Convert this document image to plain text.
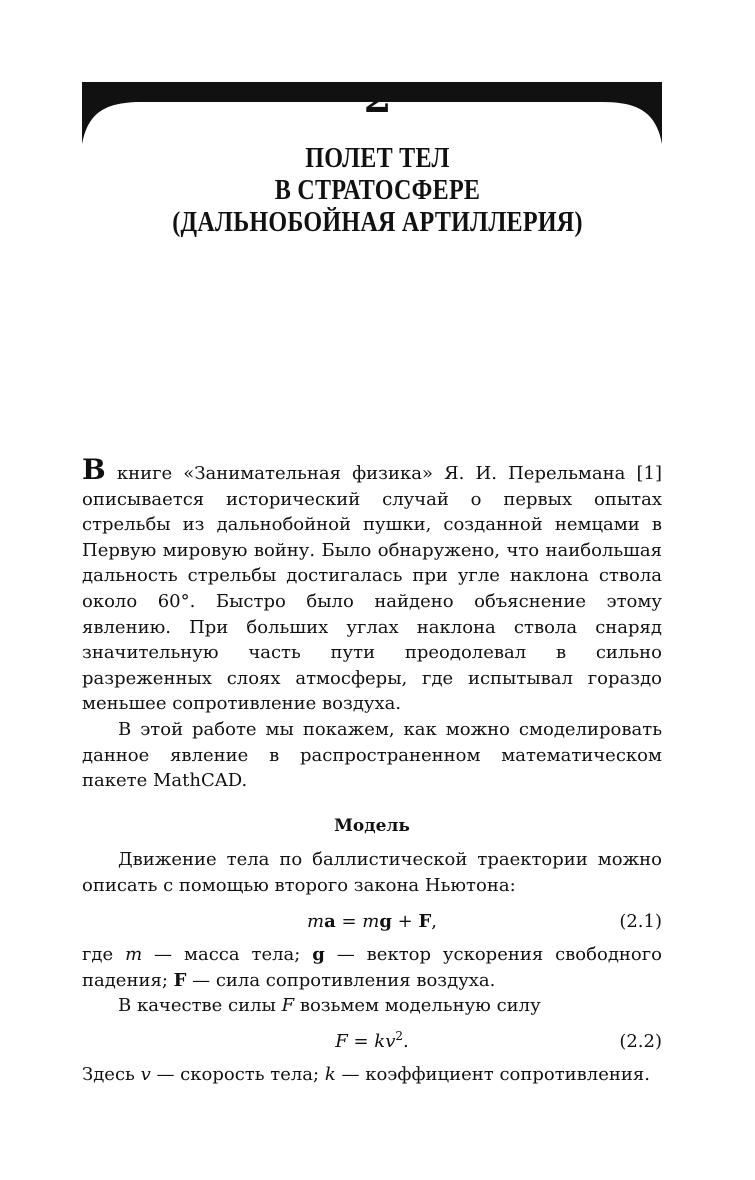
2
ПОЛЕТ ТЕЛ
В СТРАТОСФЕРЕ
(ДАЛЬНОБОЙНАЯ АРТИЛЛЕРИЯ)

В книге «Занимательная физика» Я. И. Перельмана [1] описывается исторический случай о первых опытах стрельбы из дальнобойной пушки, созданной немцами в Первую мировую войну. Было обнаружено, что наибольшая дальность стрельбы достигалась при угле наклона ствола около 60°. Быстро было найдено объяснение этому явлению. При больших углах наклона ствола снаряд значительную часть пути преодолевал в сильно разреженных слоях атмосферы, где испытывал гораздо меньшее сопротивление воздуха.

В этой работе мы покажем, как можно смоделировать данное явление в распространенном математическом пакете MathCAD.

Модель

Движение тела по баллистической траектории можно описать с помощью второго закона Ньютона:

ma = mg + F,	(2.1)

где m — масса тела; g — вектор ускорения свободного падения; F — сила сопротивления воздуха.

В качестве силы F возьмем модельную силу

$F = kv^2$.	(2.2)

Здесь v — скорость тела; k — коэффициент сопротивления.
